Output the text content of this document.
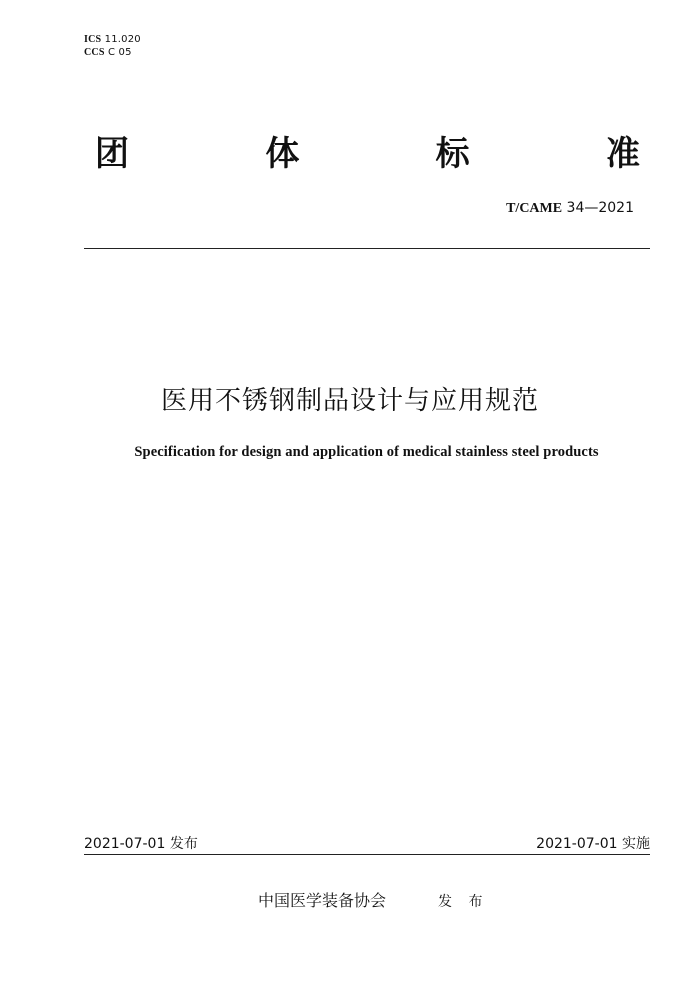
ICS 11.020
CCS C 05
团	体	标	准
T/CAME 34—2021
医用不锈钢制品设计与应用规范
Specification for design and application of medical stainless steel products
2021-07-01 发布	2021-07-01 实施
中国医学装备协会	发 布
